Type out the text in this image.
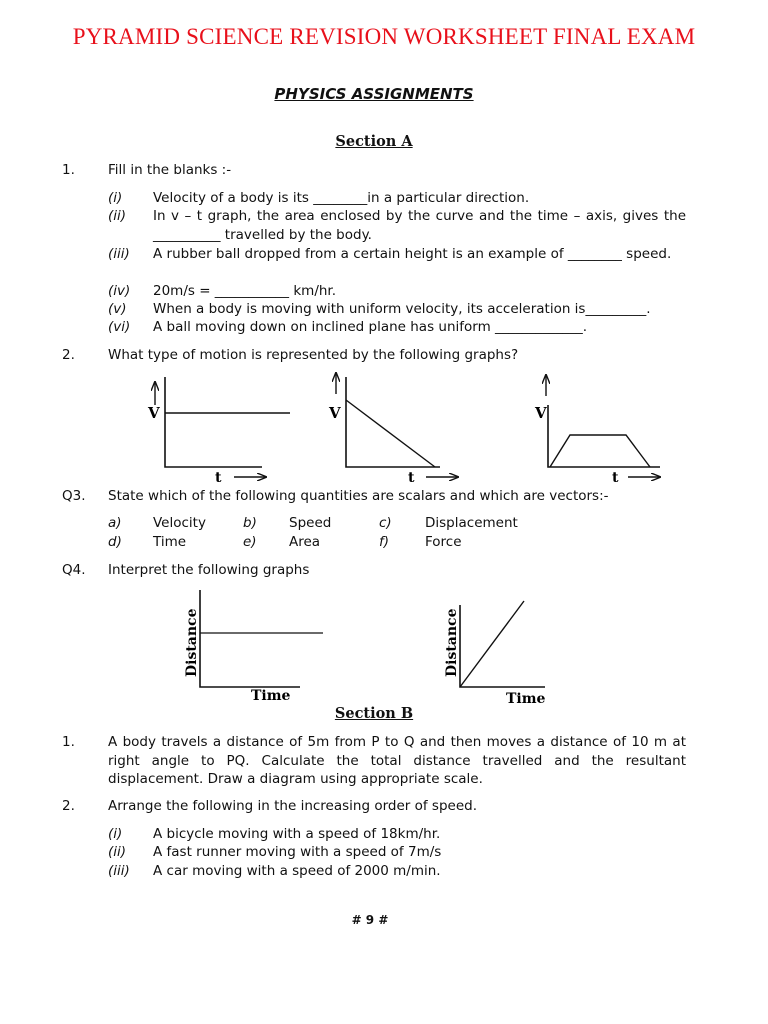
PYRAMID SCIENCE REVISION WORKSHEET FINAL EXAM
PHYSICS ASSIGNMENTS
Section A
1. Fill in the blanks :-
(i) Velocity of a body is its ________in a particular direction.
(ii) In v – t graph, the area enclosed by the curve and the time – axis, gives the __________ travelled by the body.
(iii) A rubber ball dropped from a certain height is an example of ________ speed.
(iv) 20m/s = ___________ km/hr.
(v) When a body is moving with uniform velocity, its acceleration is_________.
(vi) A ball moving down on inclined plane has uniform _____________.
2. What type of motion is represented by the following graphs?
V
t
V
t
V
t
Q3. State which of the following quantities are scalars and which are vectors:-
a) Velocity	b) Speed	c) Displacement
d) Time	e) Area	f)	Force
Q4. Interpret the following graphs
Distance
Time
Distance
Time
Section B
1. A body travels a distance of 5m from P to Q and then moves a distance of 10 m at right angle to PQ. Calculate the total distance travelled and the resultant displacement. Draw a diagram using appropriate scale.
2. Arrange the following in the increasing order of speed.
(i) A bicycle moving with a speed of 18km/hr.
(ii) A fast runner moving with a speed of 7m/s
(iii) A car moving with a speed of 2000 m/min.
# 9 #
